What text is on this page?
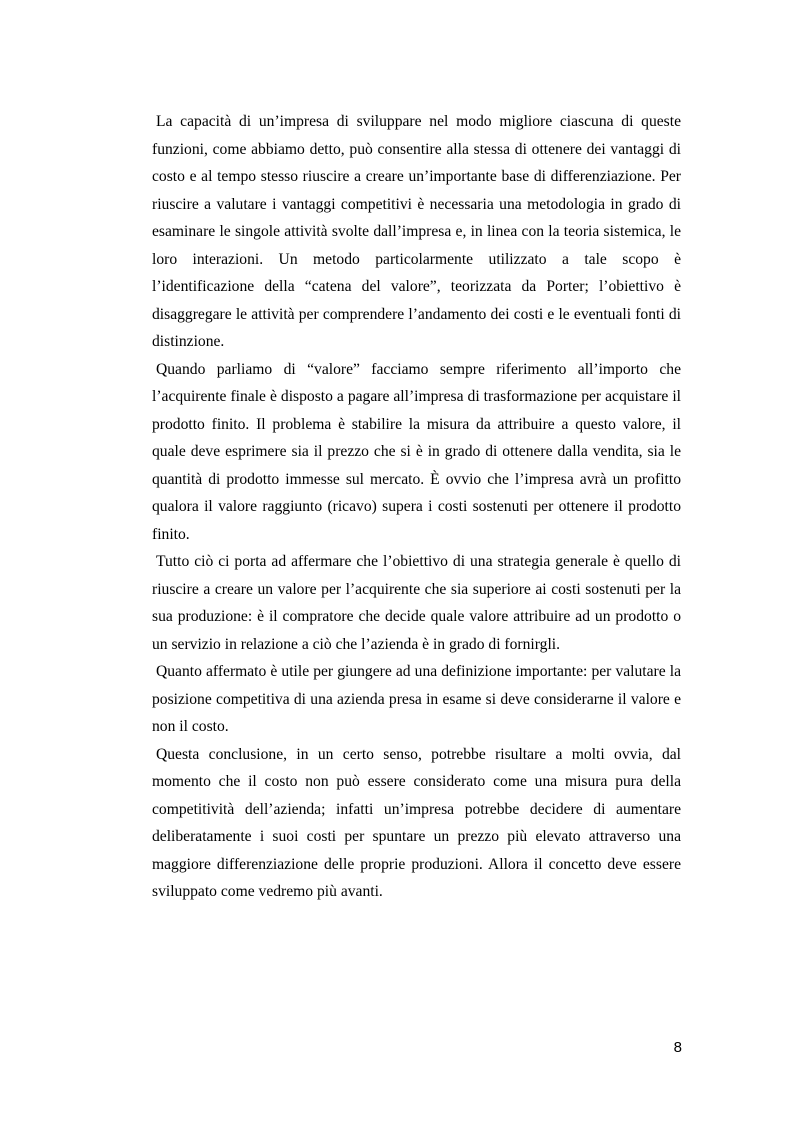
La capacità di un’impresa di sviluppare nel modo migliore ciascuna di queste funzioni, come abbiamo detto, può consentire alla stessa di ottenere dei vantaggi di costo e al tempo stesso riuscire a creare un’importante base di differenziazione. Per riuscire a valutare i vantaggi competitivi è necessaria una metodologia in grado di esaminare le singole attività svolte dall’impresa e, in linea con la teoria sistemica, le loro interazioni. Un metodo particolarmente utilizzato a tale scopo è l’identificazione della “catena del valore”, teorizzata da Porter; l’obiettivo è disaggregare le attività per comprendere l’andamento dei costi e le eventuali fonti di distinzione.

Quando parliamo di “valore” facciamo sempre riferimento all’importo che l’acquirente finale è disposto a pagare all’impresa di trasformazione per acquistare il prodotto finito. Il problema è stabilire la misura da attribuire a questo valore, il quale deve esprimere sia il prezzo che si è in grado di ottenere dalla vendita, sia le quantità di prodotto immesse sul mercato. È ovvio che l’impresa avrà un profitto qualora il valore raggiunto (ricavo) supera i costi sostenuti per ottenere il prodotto finito.

Tutto ciò ci porta ad affermare che l’obiettivo di una strategia generale è quello di riuscire a creare un valore per l’acquirente che sia superiore ai costi sostenuti per la sua produzione: è il compratore che decide quale valore attribuire ad un prodotto o un servizio in relazione a ciò che l’azienda è in grado di fornirgli.

Quanto affermato è utile per giungere ad una definizione importante: per valutare la posizione competitiva di una azienda presa in esame si deve considerarne il valore e non il costo.

Questa conclusione, in un certo senso, potrebbe risultare a molti ovvia, dal momento che il costo non può essere considerato come una misura pura della competitività dell’azienda; infatti un’impresa potrebbe decidere di aumentare deliberatamente i suoi costi per spuntare un prezzo più elevato attraverso una maggiore differenziazione delle proprie produzioni. Allora il concetto deve essere sviluppato come vedremo più avanti.

8
